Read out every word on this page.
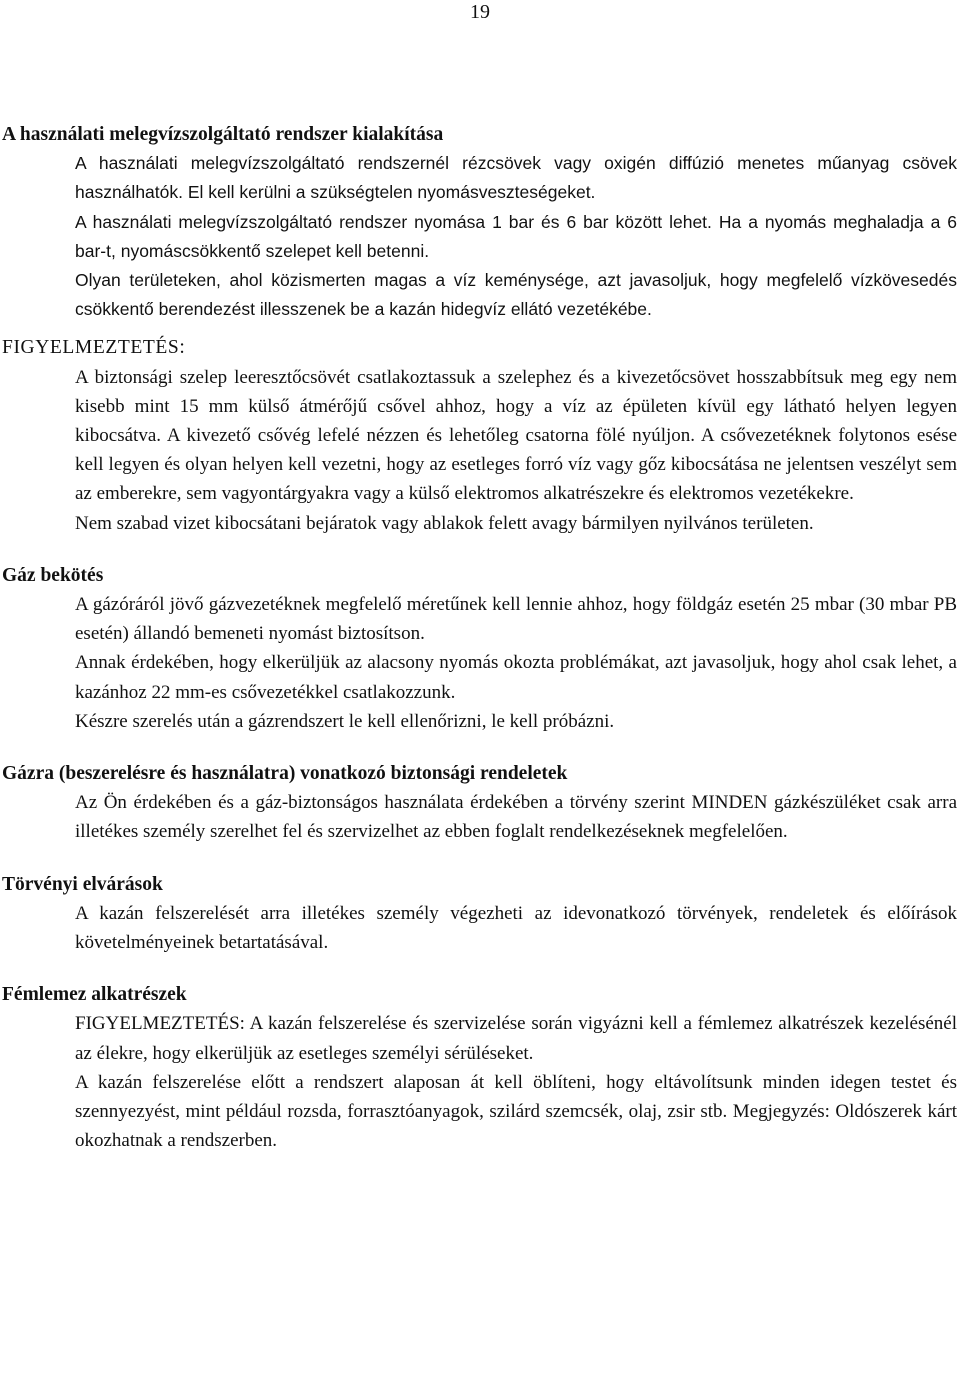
19
A használati melegvízszolgáltató rendszer kialakítása

A használati melegvízszolgáltató rendszernél rézcsövek vagy oxigén diffúzió menetes műanyag csövek használhatók. El kell kerülni a szükségtelen nyomásveszteségeket.

A használati melegvízszolgáltató rendszer nyomása 1 bar és 6 bar között lehet. Ha a nyomás meghaladja a 6 bar-t, nyomáscsökkentő szelepet kell betenni.

Olyan területeken, ahol közismerten magas a víz keménysége, azt javasoljuk, hogy megfelelő vízkövesedés csökkentő berendezést illesszenek be a kazán hidegvíz ellátó vezetékébe.

FIGYELMEZTETÉS:

A biztonsági szelep leeresztőcsövét csatlakoztassuk a szelephez és a kivezetőcsövet hosszabbítsuk meg egy nem kisebb mint 15 mm külső átmérőjű csővel ahhoz, hogy a víz az épületen kívül egy látható helyen legyen kibocsátva. A kivezető csővég lefelé nézzen és lehetőleg csatorna fölé nyúljon. A csővezetéknek folytonos esése kell legyen és olyan helyen kell vezetni, hogy az esetleges forró víz vagy gőz kibocsátása ne jelentsen veszélyt sem az emberekre, sem vagyontárgyakra vagy a külső elektromos alkatrészekre és elektromos vezetékekre.

Nem szabad vizet kibocsátani bejáratok vagy ablakok felett avagy bármilyen nyilvános területen.

Gáz bekötés

A gázóráról jövő gázvezetéknek megfelelő méretűnek kell lennie ahhoz, hogy földgáz esetén 25 mbar (30 mbar PB esetén) állandó bemeneti nyomást biztosítson.

Annak érdekében, hogy elkerüljük az alacsony nyomás okozta problémákat, azt javasoljuk, hogy ahol csak lehet, a kazánhoz 22 mm-es csővezetékkel csatlakozzunk.

Készre szerelés után a gázrendszert le kell ellenőrizni, le kell próbázni.

Gázra (beszerelésre és használatra) vonatkozó biztonsági rendeletek

Az Ön érdekében és a gáz-biztonságos használata érdekében a törvény szerint MINDEN gázkészüléket csak arra illetékes személy szerelhet fel és szervizelhet az ebben foglalt rendelkezéseknek megfelelően.

Törvényi elvárások

A kazán felszerelését arra illetékes személy végezheti az idevonatkozó törvények, rendeletek és előírások követelményeinek betartatásával.

Fémlemez alkatrészek

FIGYELMEZTETÉS: A kazán felszerelése és szervizelése során vigyázni kell a fémlemez alkatrészek kezelésénél az élekre, hogy elkerüljük az esetleges személyi sérüléseket.

A kazán felszerelése előtt a rendszert alaposan át kell öblíteni, hogy eltávolítsunk minden idegen testet és szennyezyést, mint például rozsda, forrasztóanyagok, szilárd szemcsék, olaj, zsir stb. Megjegyzés: Oldószerek kárt okozhatnak a rendszerben.
